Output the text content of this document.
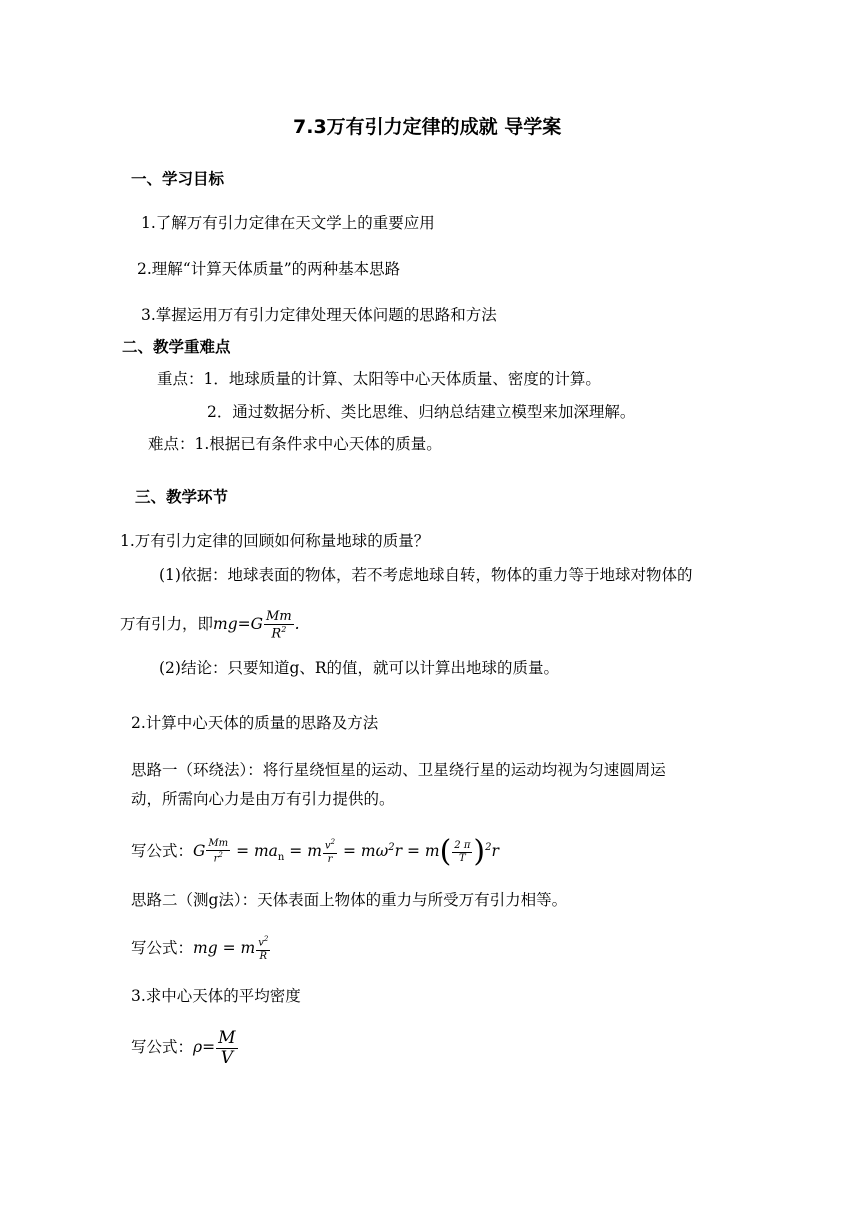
7.3万有引力定律的成就 导学案
一、学习目标
1.了解万有引力定律在天文学上的重要应用
2.理解“计算天体质量”的两种基本思路
3.掌握运用万有引力定律处理天体问题的思路和方法
二、教学重难点
重点：1．地球质量的计算、太阳等中心天体质量、密度的计算。
2．通过数据分析、类比思维、归纳总结建立模型来加深理解。
难点：1.根据已有条件求中心天体的质量。
三、教学环节
1.万有引力定律的回顾如何称量地球的质量？
(1)依据：地球表面的物体，若不考虑地球自转，物体的重力等于地球对物体的
万有引力，即$mg=G \frac{Mm}{R^2}$ .
(2)结论：只要知道g、R的值，就可以计算出地球的质量。
2.计算中心天体的质量的思路及方法
思路一（环绕法）：将行星绕恒星的运动、卫星绕行星的运动均视为匀速圆周运
动，所需向心力是由万有引力提供的。
写公式：G $\frac{Mm}{r^2} = ma_n = m \frac{v^2}{r} = m\omega^2r = m( \frac{2 \pi}{T} )^2r$
思路二（测g法）：天体表面上物体的重力与所受万有引力相等。
写公式：mg = m $\frac{v^2}{R}$
3.求中心天体的平均密度
写公式：$\rho= \frac{M}{V}$
